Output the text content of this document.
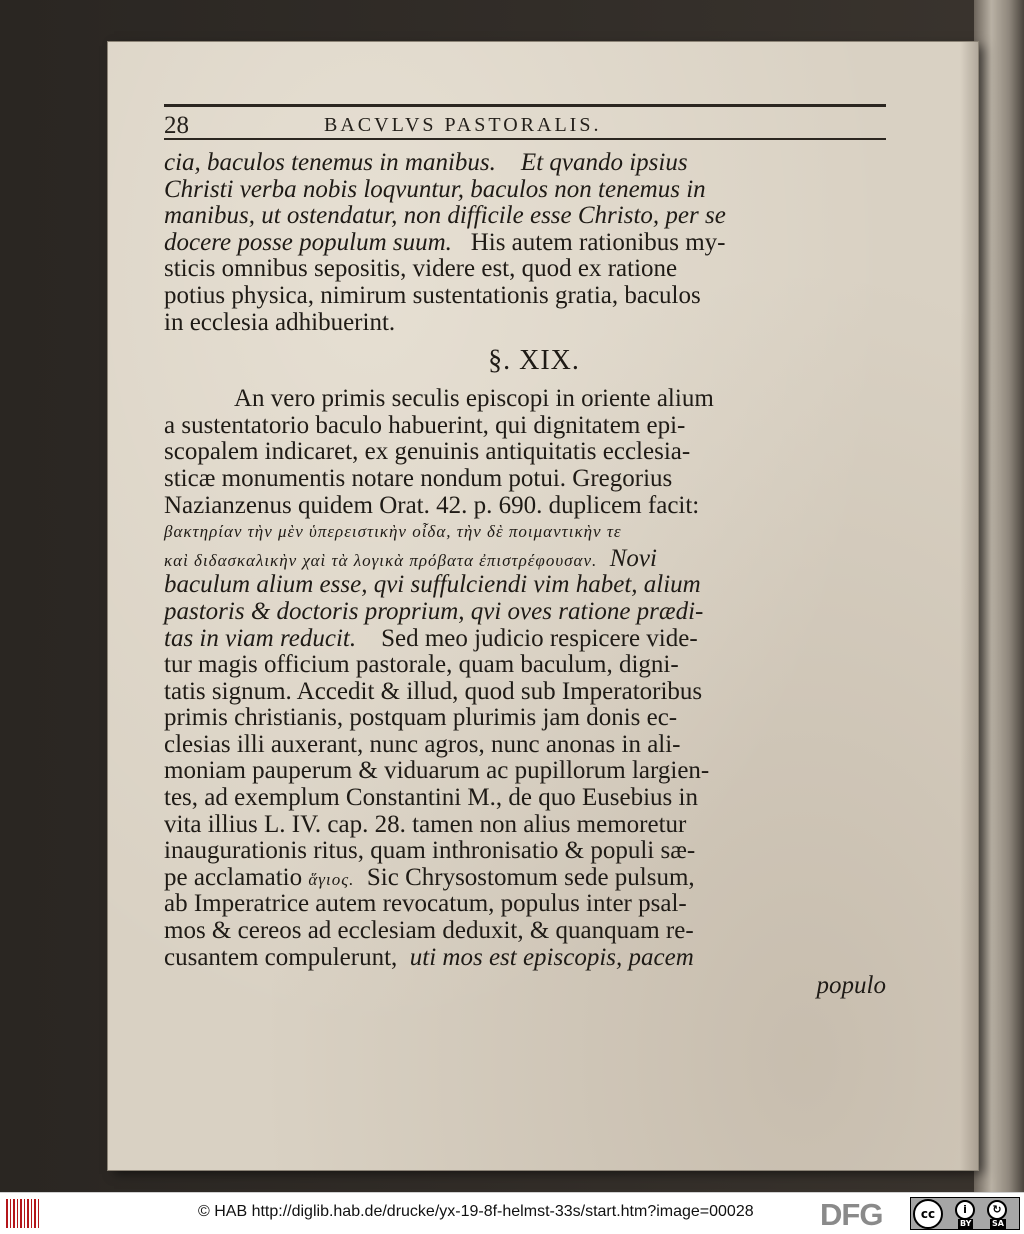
28	BACVLVS PASTORALIS.
cia, baculos tenemus in manibus. Et qvando ipsius
Christi verba nobis loqvuntur, baculos non tenemus in
manibus, ut ostendatur, non difficile esse Christo, per se
docere posse populum suum. His autem rationibus my-
sticis omnibus sepositis, videre est, quod ex ratione
potius physica, nimirum sustentationis gratia, baculos
in ecclesia adhibuerint.
§. XIX.
An vero primis seculis episcopi in oriente alium
a sustentatorio baculo habuerint, qui dignitatem epi-
scopalem indicaret, ex genuinis antiquitatis ecclesia-
sticæ monumentis notare nondum potui. Gregorius
Nazianzenus quidem Orat. 42. p. 690. duplicem facit:
βακτηρίαν τὴν μὲν ὑπερειστικὴν οἶδα, τὴν δὲ ποιμαντικὴν τε
καὶ διδασκαλικὴν χαὶ τὰ λογικὰ πρόβατα ἐπιστρέφουσαν. Novi
baculum alium esse, qvi suffulciendi vim habet, alium
pastoris & doctoris proprium, qvi oves ratione prædi-
tas in viam reducit. Sed meo judicio respicere vide-
tur magis officium pastorale, quam baculum, digni-
tatis signum. Accedit & illud, quod sub Imperatoribus
primis christianis, postquam plurimis jam donis ec-
clesias illi auxerant, nunc agros, nunc anonas in ali-
moniam pauperum & viduarum ac pupillorum largien-
tes, ad exemplum Constantini M., de quo Eusebius in
vita illius L. IV. cap. 28. tamen non alius memoretur
inaugurationis ritus, quam inthronisatio & populi sæ-
pe acclamatio ἅγιος. Sic Chrysostomum sede pulsum,
ab Imperatrice autem revocatum, populus inter psal-
mos & cereos ad ecclesiam deduxit, & quanquam re-
cusantem compulerunt, uti mos est episcopis, pacem
populo
© HAB http://diglib.hab.de/drucke/yx-19-8f-helmst-33s/start.htm?image=00028 DFG	cc	i	↻
BY	SA
